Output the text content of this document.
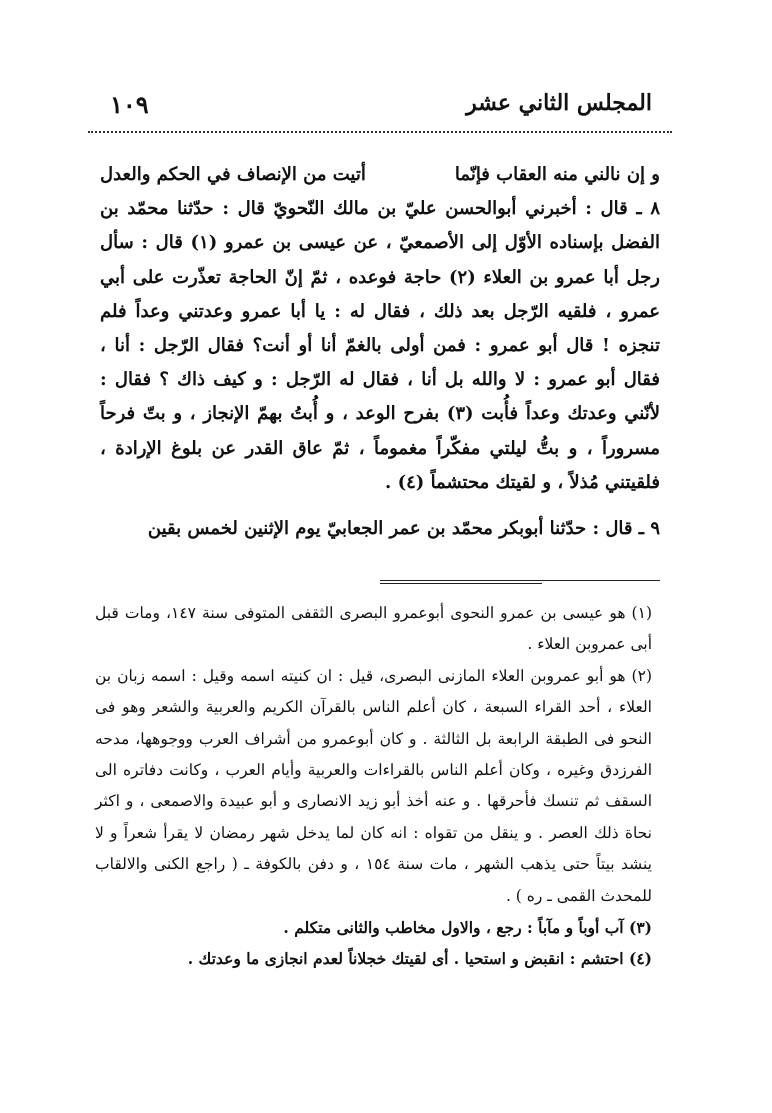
المجلس الثاني عشر
١٠٩
و إن نالني منه العقاب فإنّما
أتيت من الإنصاف في الحكم والعدل

٨ ـ قال : أخبرني أبوالحسن عليّ بن مالك النّحويّ قال : حدّثنا محمّد بن الفضل بإسناده الأوّل إلى الأصمعيّ ، عن عيسى بن عمرو (١) قال : سأل رجل أبا عمرو بن العلاء (٢) حاجة فوعده ، ثمّ إنّ الحاجة تعذّرت على أبي عمرو ، فلقيه الرّجل بعد ذلك ، فقال له : يا أبا عمرو وعدتني وعداً فلم تنجزه ! قال أبو عمرو : فمن أولى بالغمّ أنا أو أنت؟ فقال الرّجل : أنا ، فقال أبو عمرو : لا والله بل أنا ، فقال له الرّجل : و كيف ذاك ؟ فقال : لأنّني وعدتك وعداً فأُبت (٣) بفرح الوعد ، و أُبتُ بهمّ الإنجاز ، و بتّ فرحاً مسروراً ، و بتُّ ليلتي مفكّراً مغموماً ، ثمّ عاق القدر عن بلوغ الإرادة ، فلقيتني مُذلاً ، و لقيتك محتشماً (٤) .

٩ ـ قال : حدّثنا أبوبكر محمّد بن عمر الجعابيّ يوم الإثنين لخمس بقين

(١) هو عيسى بن عمرو النحوى أبوعمرو البصرى الثقفى المتوفى سنة ١٤٧، ومات قبل أبى عمروبن العلاء .

(٢) هو أبو عمروبن العلاء المازنى البصرى، قيل : ان كنيته اسمه وقيل : اسمه زبان بن العلاء ، أحد القراء السبعة ، كان أعلم الناس بالقرآن الكريم والعربية والشعر وهو فى النحو فى الطبقة الرابعة بل الثالثة . و كان أبوعمرو من أشراف العرب ووجوهها، مدحه الفرزدق وغيره ، وكان أعلم الناس بالقراءات والعربية وأيام العرب ، وكانت دفاتره الى السقف ثم تنسك فأحرقها . و عنه أخذ أبو زيد الانصارى و أبو عبيدة والاصمعى ، و اكثر نحاة ذلك العصر . و ينقل من تقواه : انه كان لما يدخل شهر رمضان لا يقرأ شعراً و لا ينشد بيتاً حتى يذهب الشهر ، مات سنة ١٥٤ ، و دفن بالكوفة ـ ( راجع الكنى والالقاب للمحدث القمى ـ ره ) .

(٣) آب أوباً و مآباً : رجع ، والاول مخاطب والثانى متكلم .

(٤) احتشم : انقبض و استحيا . أى لقيتك خجلاناً لعدم انجازى ما وعدتك .
